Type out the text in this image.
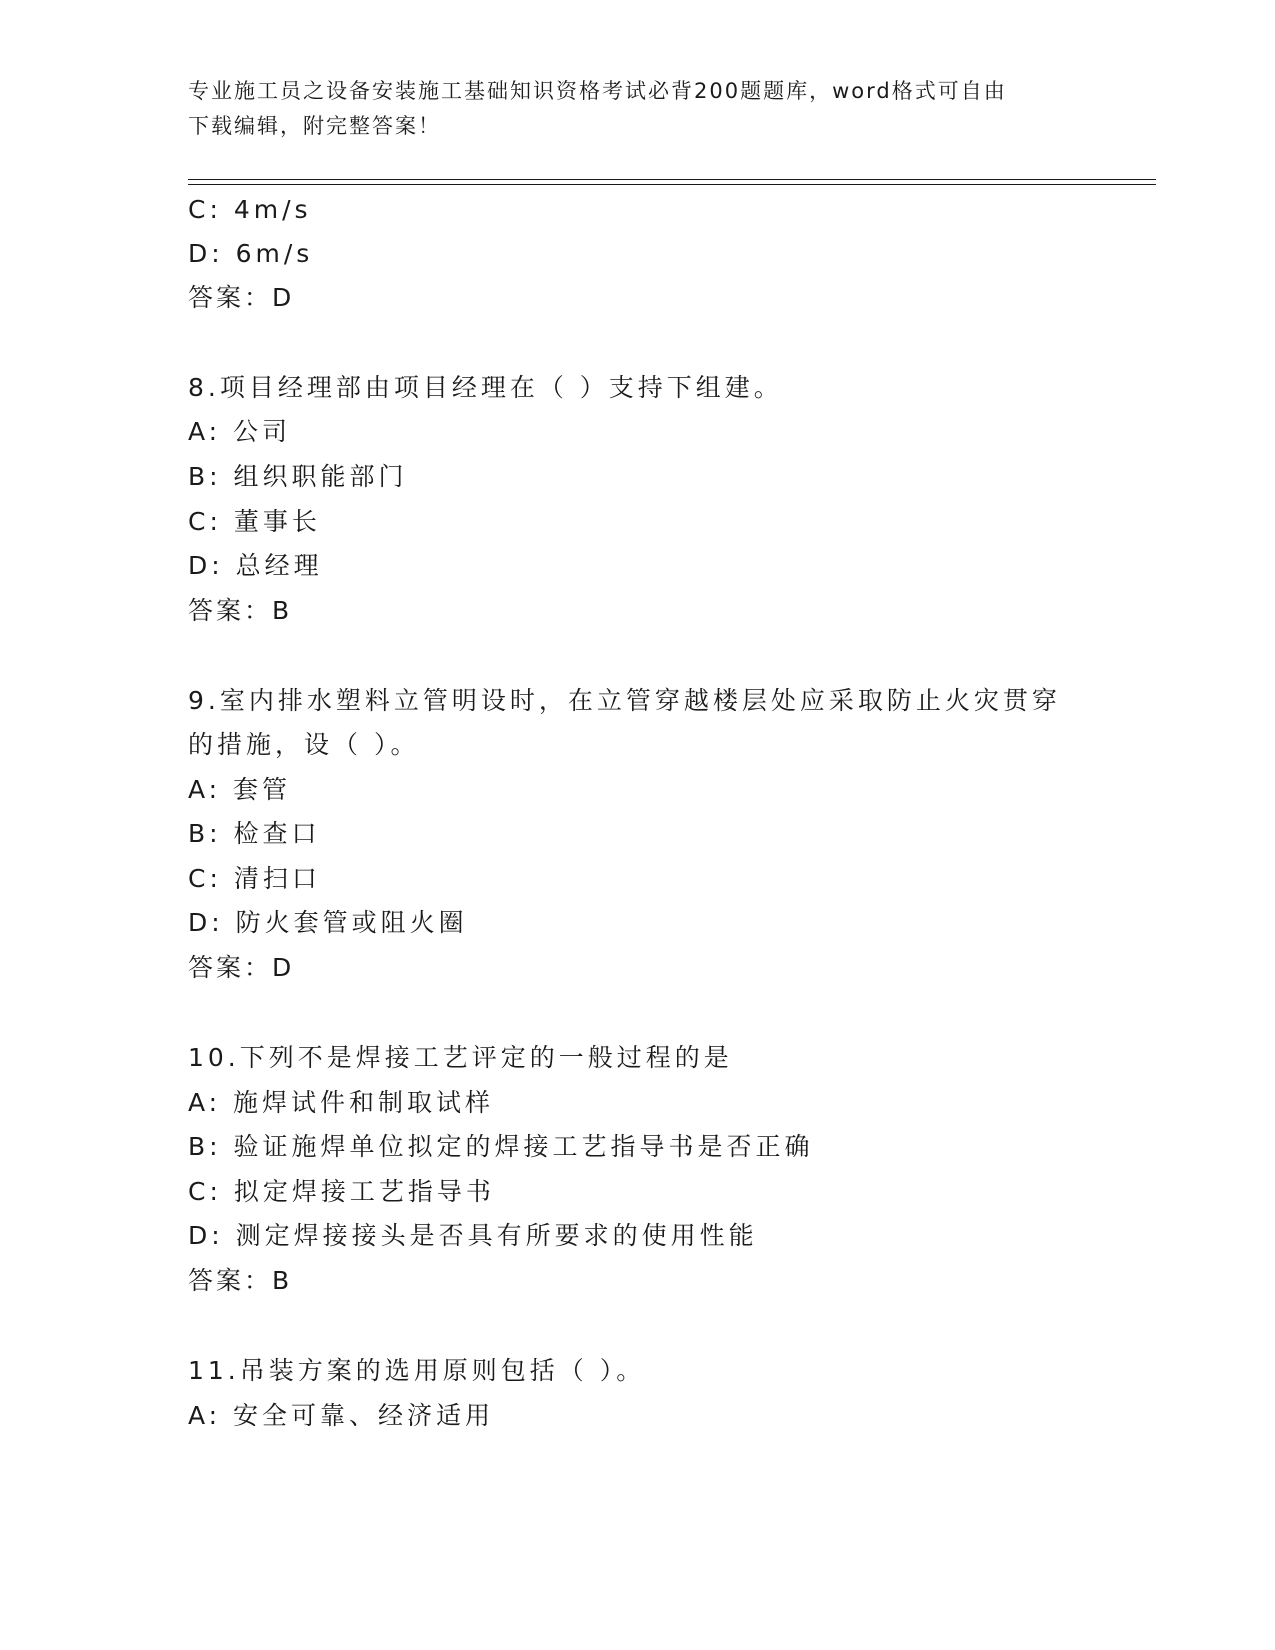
专业施工员之设备安装施工基础知识资格考试必背200题题库，word格式可自由
下载编辑，附完整答案！
C: 4m/s
D: 6m/s
答案：D
8.项目经理部由项目经理在（ ）支持下组建。
A: 公司
B: 组织职能部门
C: 董事长
D: 总经理
答案：B
9.室内排水塑料立管明设时，在立管穿越楼层处应采取防止火灾贯穿
的措施，设（ ）。
A: 套管
B: 检查口
C: 清扫口
D: 防火套管或阻火圈
答案：D
10.下列不是焊接工艺评定的一般过程的是
A: 施焊试件和制取试样
B: 验证施焊单位拟定的焊接工艺指导书是否正确
C: 拟定焊接工艺指导书
D: 测定焊接接头是否具有所要求的使用性能
答案：B
11.吊装方案的选用原则包括（ ）。
A: 安全可靠、经济适用
